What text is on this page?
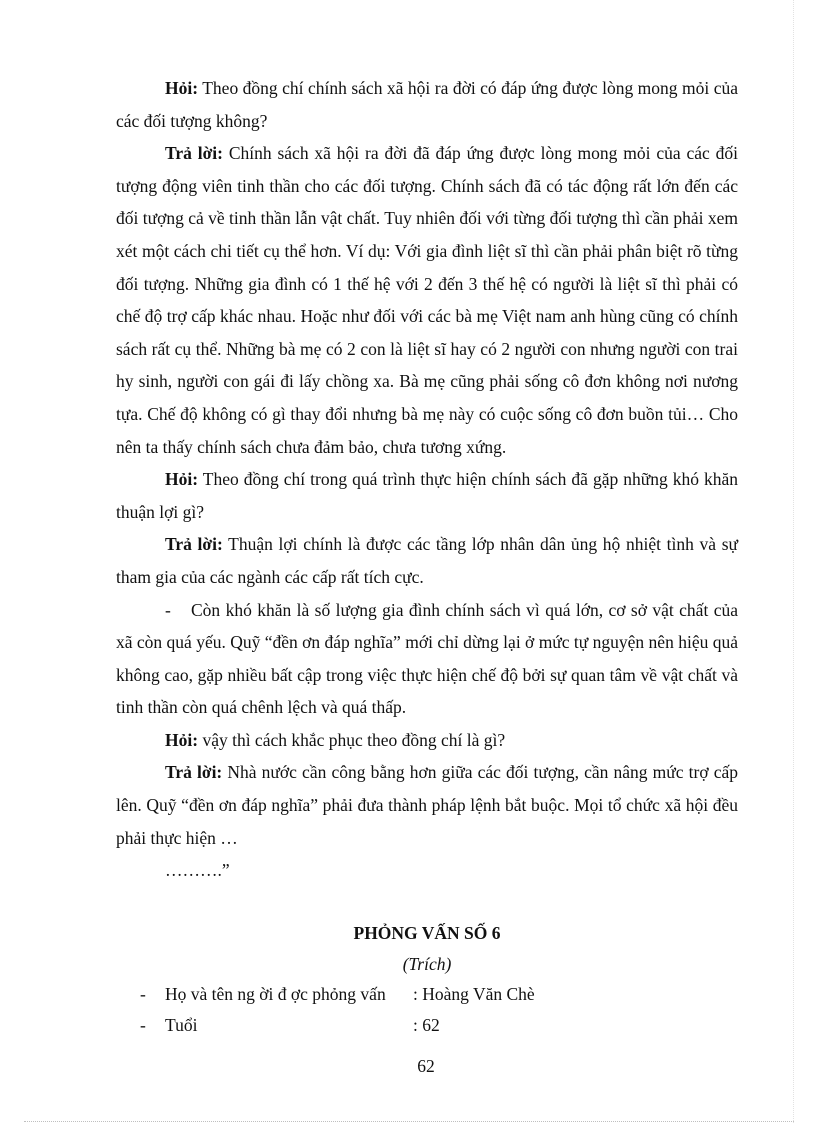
Hỏi: Theo đồng chí chính sách xã hội ra đời có đáp ứng được lòng mong mỏi của các đối tượng không?

Trả lời: Chính sách xã hội ra đời đã đáp ứng được lòng mong mỏi của các đối tượng động viên tinh thần cho các đối tượng. Chính sách đã có tác động rất lớn đến các đối tượng cả về tinh thần lẫn vật chất. Tuy nhiên đối với từng đối tượng thì cần phải xem xét một cách chi tiết cụ thể hơn. Ví dụ: Với gia đình liệt sĩ thì cần phải phân biệt rõ từng đối tượng. Những gia đình có 1 thế hệ với 2 đến 3 thế hệ có người là liệt sĩ thì phải có chế độ trợ cấp khác nhau. Hoặc như đối với các bà mẹ Việt nam anh hùng cũng có chính sách rất cụ thể. Những bà mẹ có 2 con là liệt sĩ hay có 2 người con nhưng người con trai hy sinh, người con gái đi lấy chồng xa. Bà mẹ cũng phải sống cô đơn không nơi nương tựa. Chế độ không có gì thay đổi nhưng bà mẹ này có cuộc sống cô đơn buồn tủi… Cho nên ta thấy chính sách chưa đảm bảo, chưa tương xứng.

Hỏi: Theo đồng chí trong quá trình thực hiện chính sách đã gặp những khó khăn thuận lợi gì?

Trả lời: Thuận lợi chính là được các tầng lớp nhân dân ủng hộ nhiệt tình và sự tham gia của các ngành các cấp rất tích cực.

- Còn khó khăn là số lượng gia đình chính sách vì quá lớn, cơ sở vật chất của xã còn quá yếu. Quỹ “đền ơn đáp nghĩa” mới chỉ dừng lại ở mức tự nguyện nên hiệu quả không cao, gặp nhiều bất cập trong việc thực hiện chế độ bởi sự quan tâm về vật chất và tinh thần còn quá chênh lệch và quá thấp.

Hỏi: vậy thì cách khắc phục theo đồng chí là gì?

Trả lời: Nhà nước cần công bằng hơn giữa các đối tượng, cần nâng mức trợ cấp lên. Quỹ “đền ơn đáp nghĩa” phải đưa thành pháp lệnh bắt buộc. Mọi tổ chức xã hội đều phải thực hiện …

……….”

PHỎNG VẤN SỐ 6

(Trích)

- Họ và tên ng ời đ ợc phỏng vấn : Hoàng Văn Chè
- Tuổi	: 62
62
